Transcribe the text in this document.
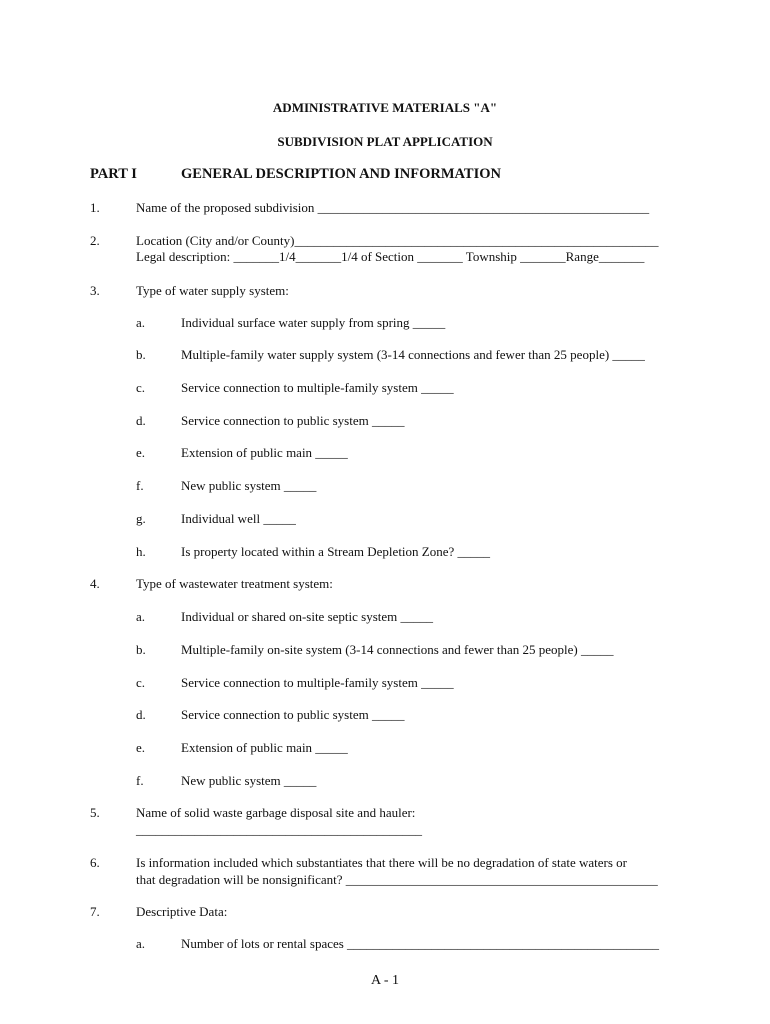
ADMINISTRATIVE MATERIALS "A"
SUBDIVISION PLAT APPLICATION
PART I	GENERAL DESCRIPTION AND INFORMATION
1.	Name of the proposed subdivision ___________________________________________________
2.	Location (City and/or County)________________________________________________________
Legal description: _______1/4_______1/4 of Section _______ Township _______Range_______
3.	Type of water supply system:
a.	Individual surface water supply from spring _____
b.	Multiple-family water supply system (3-14 connections and fewer than 25 people) _____
c.	Service connection to multiple-family system _____
d.	Service connection to public system _____
e.	Extension of public main _____
f.	New public system _____
g.	Individual well _____
h.	Is property located within a Stream Depletion Zone? _____
4.	Type of wastewater treatment system:
a.	Individual or shared on-site septic system _____
b.	Multiple-family on-site system (3-14 connections and fewer than 25 people) _____
c.	Service connection to multiple-family system _____
d.	Service connection to public system _____
e.	Extension of public main _____
f.	New public system _____
5.	Name of solid waste garbage disposal site and hauler:
____________________________________________
6.	Is information included which substantiates that there will be no degradation of state waters or
that degradation will be nonsignificant? ________________________________________________
7.	Descriptive Data:
a.	Number of lots or rental spaces ________________________________________________
A - 1
